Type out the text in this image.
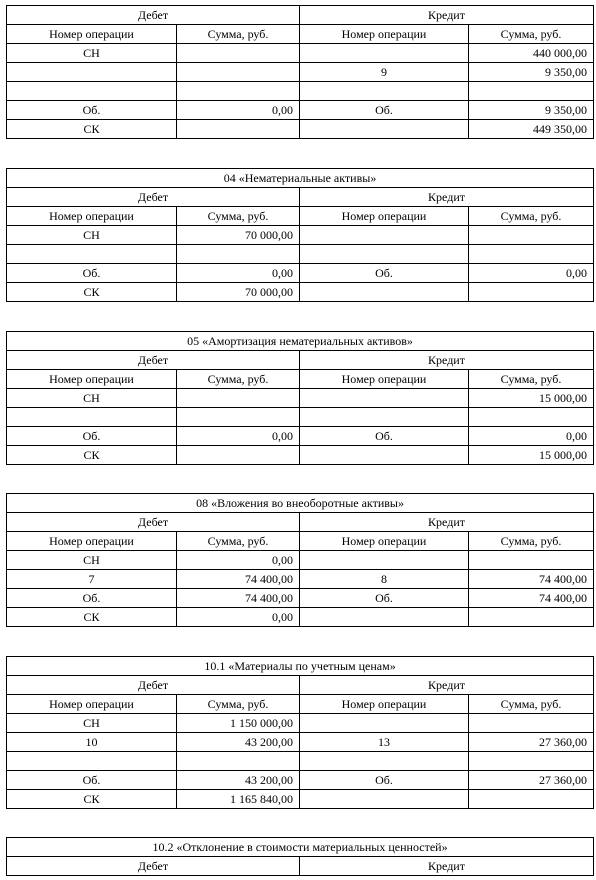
Дебет		Кредит	
Номер операции	Сумма, руб.	Номер операции	Сумма, руб.
СН			440 000,00
		9	9 350,00

Об.	0,00	Об.	9 350,00
СК			449 350,00
04 «Нематериальные активы»			
Дебет		Кредит	
Номер операции	Сумма, руб.	Номер операции	Сумма, руб.
СН	70 000,00		

Об.	0,00	Об.	0,00
СК	70 000,00		
05 «Амортизация нематериальных активов»			
Дебет		Кредит	
Номер операции	Сумма, руб.	Номер операции	Сумма, руб.
СН			15 000,00

Об.	0,00	Об.	0,00
СК			15 000,00
08 «Вложения во внеоборотные активы»			
Дебет		Кредит	
Номер операции	Сумма, руб.	Номер операции	Сумма, руб.
СН	0,00		
7	74 400,00	8	74 400,00
Об.	74 400,00	Об.	74 400,00
СК	0,00		
10.1 «Материалы по учетным ценам»			
Дебет		Кредит	
Номер операции	Сумма, руб.	Номер операции	Сумма, руб.
СН	1 150 000,00		
10	43 200,00	13	27 360,00

Об.	43 200,00	Об.	27 360,00
СК	1 165 840,00		
10.2 «Отклонение в стоимости материальных ценностей»
Дебет	Кредит
